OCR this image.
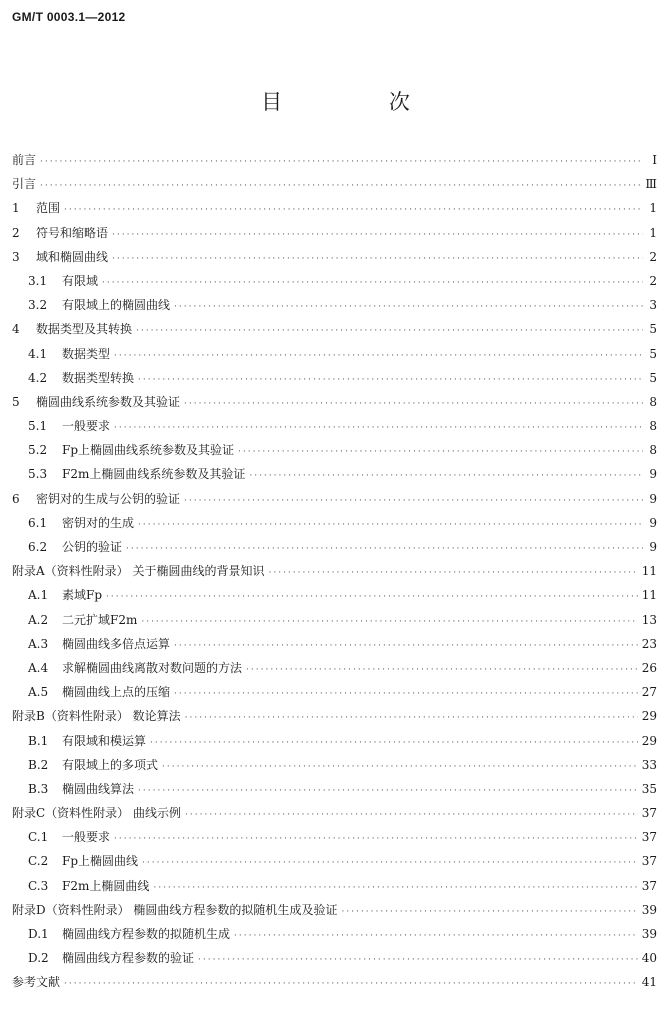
GM/T 0003.1—2012
目 次
前言 ·····	Ⅰ
引言 ·····	Ⅲ
1	范围 ·····	1
2	符号和缩略语 ·····	1
3	域和椭圆曲线 ·····	2
3.1	有限域 ·····	2
3.2	有限域上的椭圆曲线 ·····	3
4	数据类型及其转换 ·····	5
4.1	数据类型 ·····	5
4.2	数据类型转换 ·····	5
5	椭圆曲线系统参数及其验证 ·····	8
5.1	一般要求 ·····	8
5.2	Fp上椭圆曲线系统参数及其验证 ·····	8
5.3	F2m上椭圆曲线系统参数及其验证 ·····	9
6	密钥对的生成与公钥的验证 ·····	9
6.1	密钥对的生成 ·····	9
6.2	公钥的验证 ·····	9
附录A（资料性附录） 关于椭圆曲线的背景知识 ·····	11
A.1	素域Fp ·····	11
A.2	二元扩域F2m ·····	13
A.3	椭圆曲线多倍点运算 ·····	23
A.4	求解椭圆曲线离散对数问题的方法 ·····	26
A.5	椭圆曲线上点的压缩 ·····	27
附录B（资料性附录） 数论算法 ·····	29
B.1	有限域和模运算 ·····	29
B.2	有限域上的多项式 ·····	33
B.3	椭圆曲线算法 ·····	35
附录C（资料性附录） 曲线示例 ·····	37
C.1	一般要求 ·····	37
C.2	Fp上椭圆曲线 ·····	37
C.3	F2m上椭圆曲线 ·····	37
附录D（资料性附录） 椭圆曲线方程参数的拟随机生成及验证 ·····	39
D.1	椭圆曲线方程参数的拟随机生成 ·····	39
D.2	椭圆曲线方程参数的验证 ·····	40
参考文献 ·····	41
